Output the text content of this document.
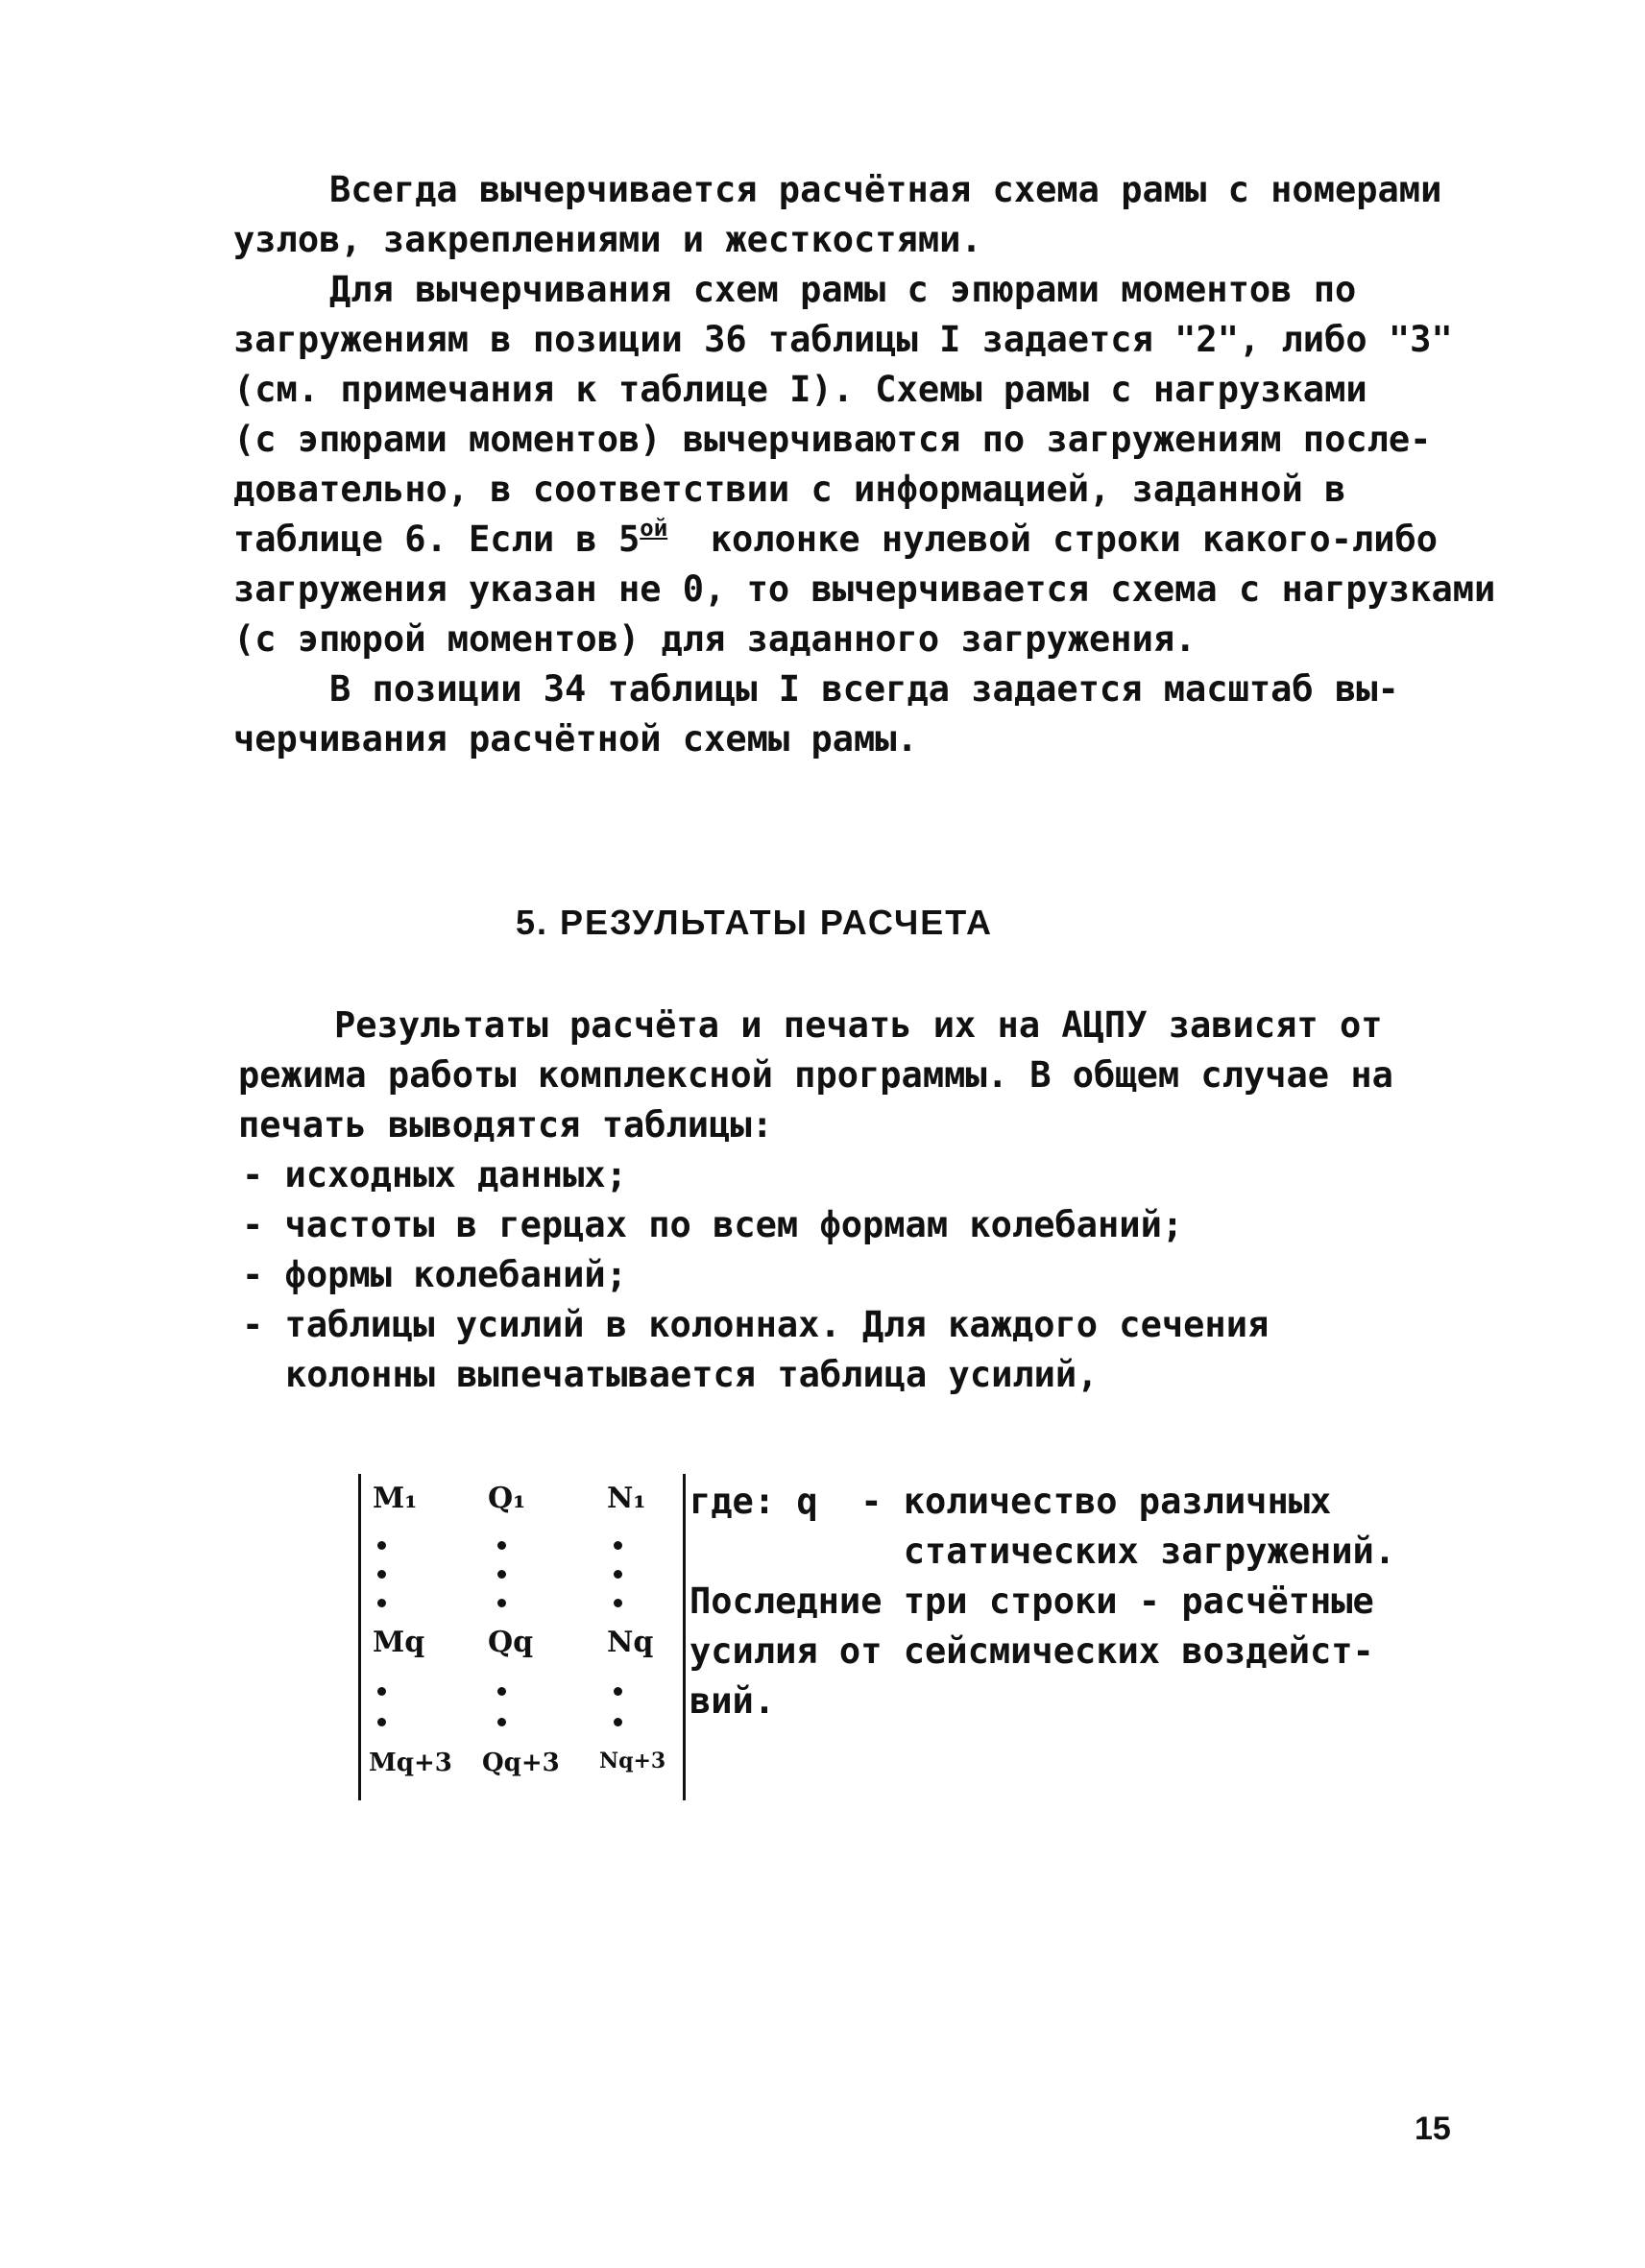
Всегда вычерчивается расчётная схема рамы с номерами
узлов, закреплениями и жесткостями.
Для вычерчивания схем рамы с эпюрами моментов по
загружениям в позиции 36 таблицы I задается "2", либо "3"
(см. примечания к таблице I). Схемы рамы с нагрузками
(с эпюрами моментов) вычерчиваются по загружениям после-
довательно, в соответствии с информацией, заданной в
таблице 6. Если в $5^{ой}$  колонке нулевой строки какого-либо
загружения указан не 0, то вычерчивается схема с нагрузками
(с эпюрой моментов) для заданного загружения.
В позиции 34 таблицы I всегда задается масштаб вы-
черчивания расчётной схемы рамы.
5. РЕЗУЛЬТАТЫ РАСЧЕТА
Результаты расчёта и печать их на АЦПУ зависят от
режима работы комплексной программы. В общем случае на
печать выводятся таблицы:
- исходных данных;
- частоты в герцах по всем формам колебаний;
- формы колебаний;
- таблицы усилий в колоннах. Для каждого сечения
колонны выпечатывается таблица усилий,
M₁ Q₁	N₁
Mq Qq	Nq
Mq+3 Qq+3 Nq+3
где: q  - количество различных
статических загружений.
Последние три строки - расчётные
усилия от сейсмических воздейст-
вий.
15
